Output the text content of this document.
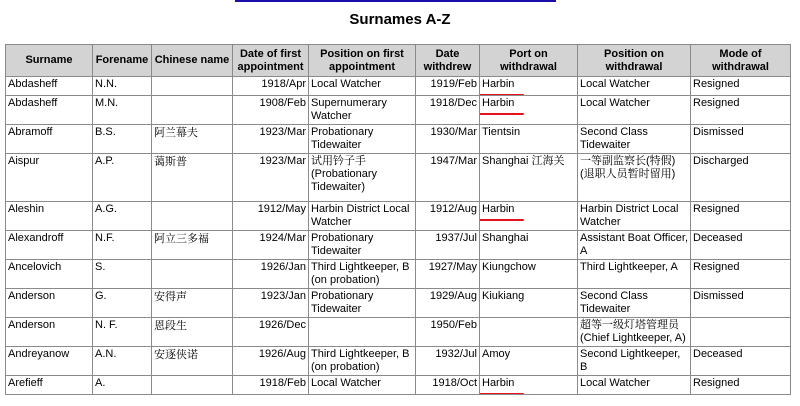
Surnames A-Z
Surname	Forename	Chinese name	Date of first appointment	Position on first appointment	Date withdrew	Port on withdrawal	Position on withdrawal	Mode of withdrawal
Abdasheff	N.N.		1918/Apr	Local Watcher	1919/Feb	Harbin	Local Watcher	Resigned
Abdasheff	M.N.		1908/Feb	Supernumerary Watcher	1918/Dec	Harbin	Local Watcher	Resigned
Abramoff	B.S.	阿兰幕夫	1923/Mar	Probationary Tidewaiter	1930/Mar	Tientsin	Second Class Tidewaiter	Dismissed
Aispur	A.P.	蔼斯普	1923/Mar	试用钤子手 (Probationary Tidewaiter)	1947/Mar	Shanghai 江海关	一等副监察长(特假)(退职人员暂时留用)	Discharged
Aleshin	A.G.		1912/May	Harbin District Local Watcher	1912/Aug	Harbin	Harbin District Local Watcher	Resigned
Alexandroff	N.F.	阿立三多福	1924/Mar	Probationary Tidewaiter	1937/Jul	Shanghai	Assistant Boat Officer, A	Deceased
Ancelovich	S.		1926/Jan	Third Lightkeeper, B (on probation)	1927/May	Kiungchow	Third Lightkeeper, A	Resigned
Anderson	G.	安得声	1923/Jan	Probationary Tidewaiter	1929/Aug	Kiukiang	Second Class Tidewaiter	Dismissed
Anderson	N. F.	恩段生	1926/Dec		1950/Feb		超等一级灯塔管理员 (Chief Lightkeeper, A)	
Andreyanow	A.N.	安逐侠诺	1926/Aug	Third Lightkeeper, B (on probation)	1932/Jul	Amoy	Second Lightkeeper, B	Deceased
Arefieff	A.		1918/Feb	Local Watcher	1918/Oct	Harbin	Local Watcher	Resigned
